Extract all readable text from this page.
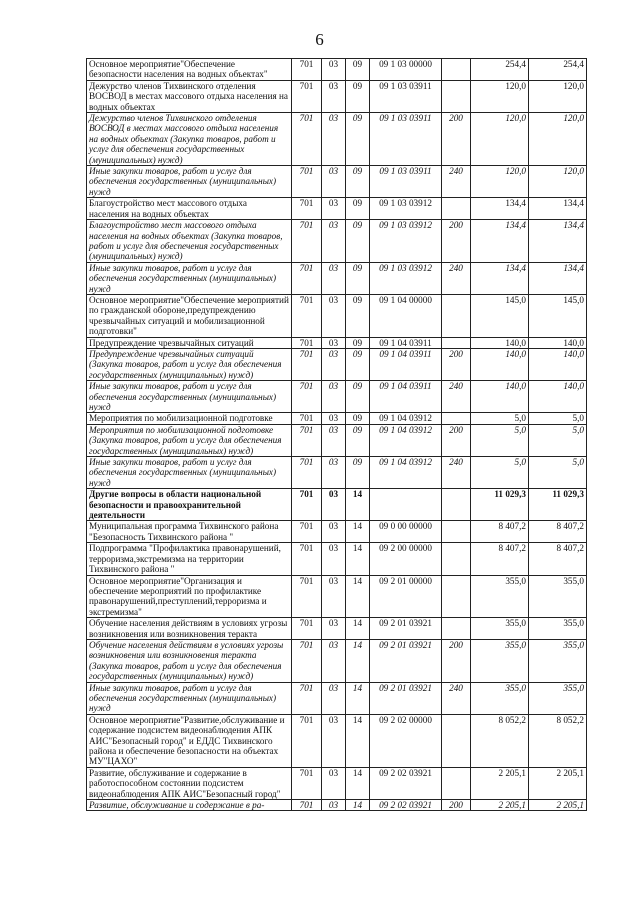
6
Основное мероприятие"Обеспечение безопасности населения на водных объектах"	701	03	09	09 1 03 00000		254,4	254,4
Дежурство членов Тихвинского отделения ВОСВОД в местах массового отдыха населения на водных объектах	701	03	09	09 1 03 03911		120,0	120,0
Дежурство членов Тихвинского отделения ВОСВОД в местах массового отдыха населения на водных объектах (Закупка товаров, работ и услуг для обеспечения государственных (муниципальных) нужд)	701	03	09	09 1 03 03911	200	120,0	120,0
Иные закупки товаров, работ и услуг для обеспечения государственных (муниципальных) нужд	701	03	09	09 1 03 03911	240	120,0	120,0
Благоустройство мест массового отдыха населения на водных объектах	701	03	09	09 1 03 03912		134,4	134,4
Благоустройство мест массового отдыха населения на водных объектах (Закупка товаров, работ и услуг для обеспечения государственных (муниципальных) нужд)	701	03	09	09 1 03 03912	200	134,4	134,4
Иные закупки товаров, работ и услуг для обеспечения государственных (муниципальных) нужд	701	03	09	09 1 03 03912	240	134,4	134,4
Основное мероприятие"Обеспечение мероприятий по гражданской обороне,предупреждению чрезвычайных ситуаций и мобилизационной подготовки"	701	03	09	09 1 04 00000		145,0	145,0
Предупреждение чрезвычайных ситуаций	701	03	09	09 1 04 03911		140,0	140,0
Предупреждение чрезвычайных ситуаций (Закупка товаров, работ и услуг для обеспечения государственных (муниципальных) нужд)	701	03	09	09 1 04 03911	200	140,0	140,0
Иные закупки товаров, работ и услуг для обеспечения государственных (муниципальных) нужд	701	03	09	09 1 04 03911	240	140,0	140,0
Мероприятия по мобилизационной подготовке	701	03	09	09 1 04 03912		5,0	5,0
Мероприятия по мобилизационной подготовке (Закупка товаров, работ и услуг для обеспечения государственных (муниципальных) нужд)	701	03	09	09 1 04 03912	200	5,0	5,0
Иные закупки товаров, работ и услуг для обеспечения государственных (муниципальных) нужд	701	03	09	09 1 04 03912	240	5,0	5,0
Другие вопросы в области национальной безопасности и правоохранительной деятельности	701	03	14			11 029,3	11 029,3
Муниципальная программа Тихвинского района "Безопасность Тихвинского района "	701	03	14	09 0 00 00000		8 407,2	8 407,2
Подпрограмма "Профилактика правонарушений, терроризма,экстремизма на территории Тихвинского района "	701	03	14	09 2 00 00000		8 407,2	8 407,2
Основное мероприятие"Организация и обеспечение мероприятий по профилактике правонарушений,преступлений,терроризма и экстремизма"	701	03	14	09 2 01 00000		355,0	355,0
Обучение населения действиям в условиях угрозы возникновения или возникновения теракта	701	03	14	09 2 01 03921		355,0	355,0
Обучение населения действиям в условиях угрозы возникновения или возникновения теракта (Закупка товаров, работ и услуг для обеспечения государственных (муниципальных) нужд)	701	03	14	09 2 01 03921	200	355,0	355,0
Иные закупки товаров, работ и услуг для обеспечения государственных (муниципальных) нужд	701	03	14	09 2 01 03921	240	355,0	355,0
Основное мероприятие"Развитие,обслуживание и содержание подсистем видеонаблюдения АПК АИС"Безопасный город" и ЕДДС Тихвинского района и обеспечение безопасности на объектах МУ"ЦАХО"	701	03	14	09 2 02 00000		8 052,2	8 052,2
Развитие, обслуживание и содержание в работоспособном состоянии подсистем видеонаблюдения АПК АИС"Безопасный город"	701	03	14	09 2 02 03921		2 205,1	2 205,1
Развитие, обслуживание и содержание в ра-	701	03	14	09 2 02 03921	200	2 205,1	2 205,1
